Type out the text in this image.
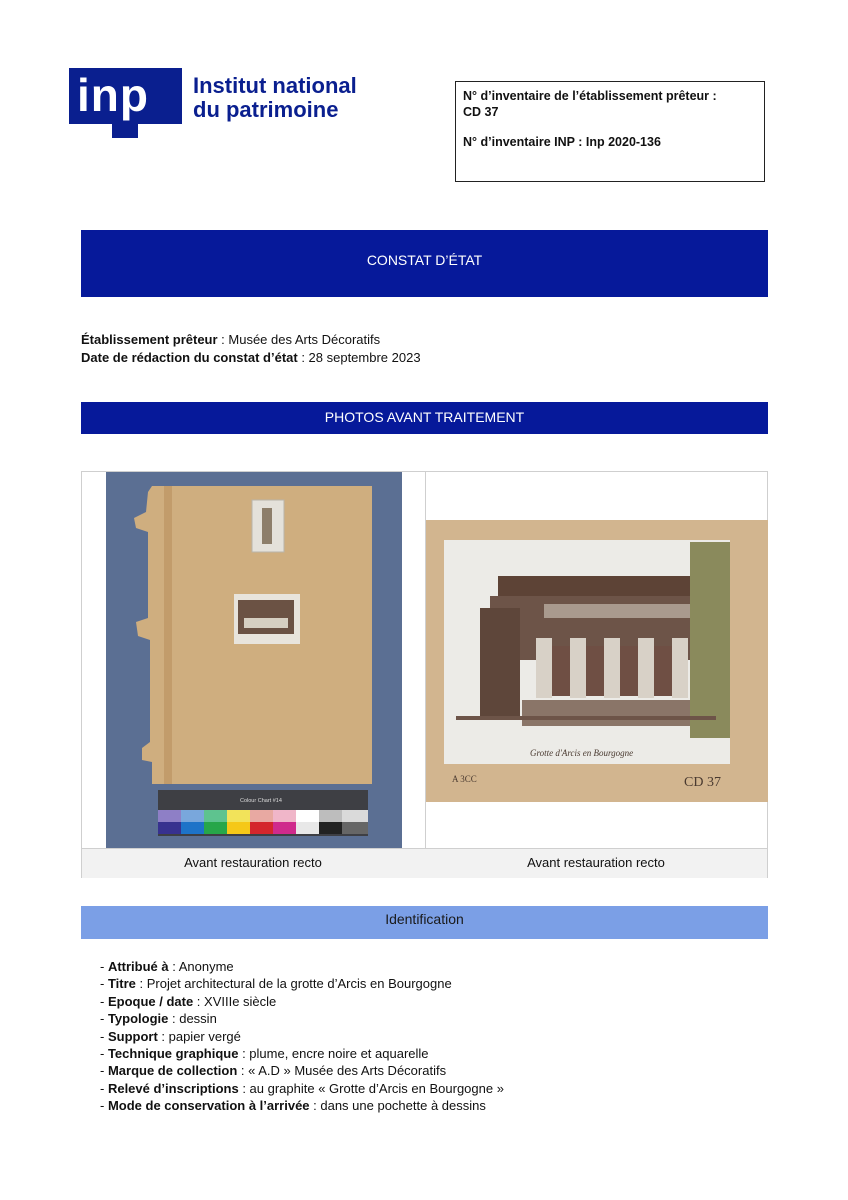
inp Institut national
du patrimoine
N° d’inventaire de l’établissement prêteur :
CD 37
N° d’inventaire INP : Inp 2020-136
CONSTAT D’ÉTAT
Établissement prêteur : Musée des Arts Décoratifs
Date de rédaction du constat d’état : 28 septembre 2023
PHOTOS AVANT TRAITEMENT
Colour Chart #14
Grotte d'Arcis en Bourgogne
A 3CC	CD 37
Avant restauration recto	Avant restauration recto
Identification
- Attribué à : Anonyme
- Titre : Projet architectural de la grotte d’Arcis en Bourgogne
- Epoque / date : XVIIIe siècle
- Typologie : dessin
- Support : papier vergé
- Technique graphique : plume, encre noire et aquarelle
- Marque de collection : « A.D » Musée des Arts Décoratifs
- Relevé d’inscriptions : au graphite « Grotte d’Arcis en Bourgogne »
- Mode de conservation à l’arrivée : dans une pochette à dessins
